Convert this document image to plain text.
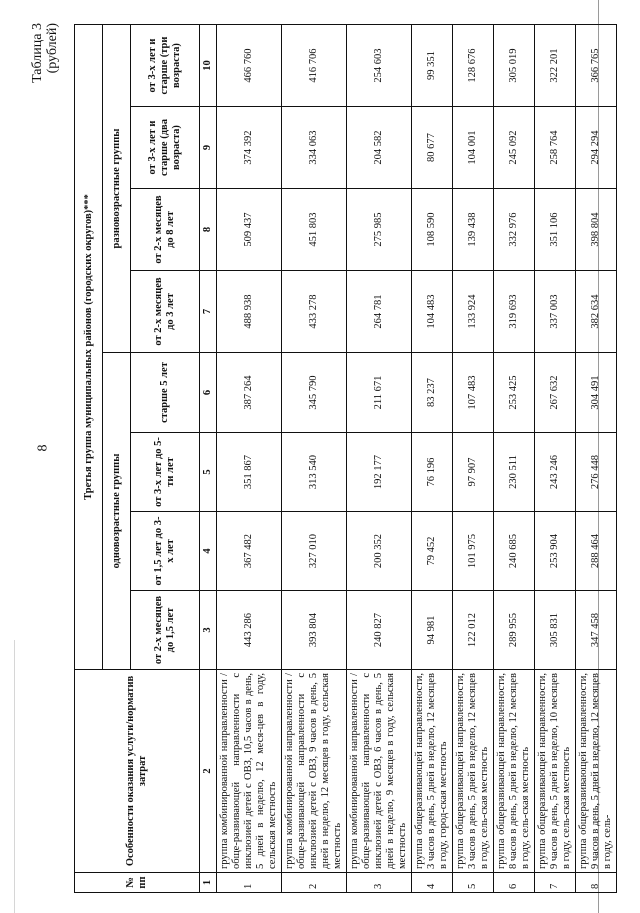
8
Таблица 3 (рублей)
№ пп	Особенности оказания услуги/норматив затрат	Третья группа муниципальных районов (городских округов)***							
		одновозрастные группы				разновозрастные группы			
		от 2-х месяцев до 1,5 лет	от 1,5 лет до 3-х лет	от 3-х лет до 5-ти лет	старше 5 лет	от 2-х месяцев до 3 лет	от 2-х месяцев до 8 лет	от 3-х лет и старше (два возраста)	от 3-х лет и старше (три возраста)
1	2	3	4	5	6	7	8	9	10
1	группа комбинированной направленности / обще-развивающей направленности с инклюзией детей с ОВЗ, 10,5 часов в день, 5 дней в неделю, 12 меся-цев в году, сельская местность	443 286	367 482	351 867	387 264	488 938	509 437	374 392	466 760
2	группа комбинированной направленности / обще-развивающей направленности с инклюзией детей с ОВЗ, 9 часов в день, 5 дней в неделю, 12 месяцев в году, сельская местность	393 804	327 010	313 540	345 790	433 278	451 803	334 063	416 706
3	группа комбинированной направленности / обще-развивающей направленности с инклюзией детей с ОВЗ, 6 часов в день, 5 дней в неделю, 9 месяцев в году, сельская местность	240 827	200 352	192 177	211 671	264 781	275 985	204 582	254 603
4	группа общеразвивающей направленности, 3 часов в день, 5 дней в неделю, 12 месяцев в году, город-ская местность	94 981	79 452	76 196	83 237	104 483	108 590	80 677	99 351
5	группа общеразвивающей направленности, 3 часов в день, 5 дней в неделю, 12 месяцев в году, сель-ская местность	122 012	101 975	97 907	107 483	133 924	139 438	104 001	128 676
6	группа общеразвивающей направленности, 8 часов в день, 5 дней в неделю, 12 месяцев в году, сель-ская местность	289 955	240 685	230 511	253 425	319 693	332 976	245 092	305 019
7	группа общеразвивающей направленности, 9 часов в день, 5 дней в неделю, 10 месяцев в году, сель-ская местность	305 831	253 904	243 246	267 632	337 003	351 106	258 764	322 201
8	группа общеразвивающей направленности, 9 часов в день, 5 дней в неделю, 12 месяцев в году, сель-	347 458	288 464	276 448	304 491	382 634	398 804	294 294	366 765
